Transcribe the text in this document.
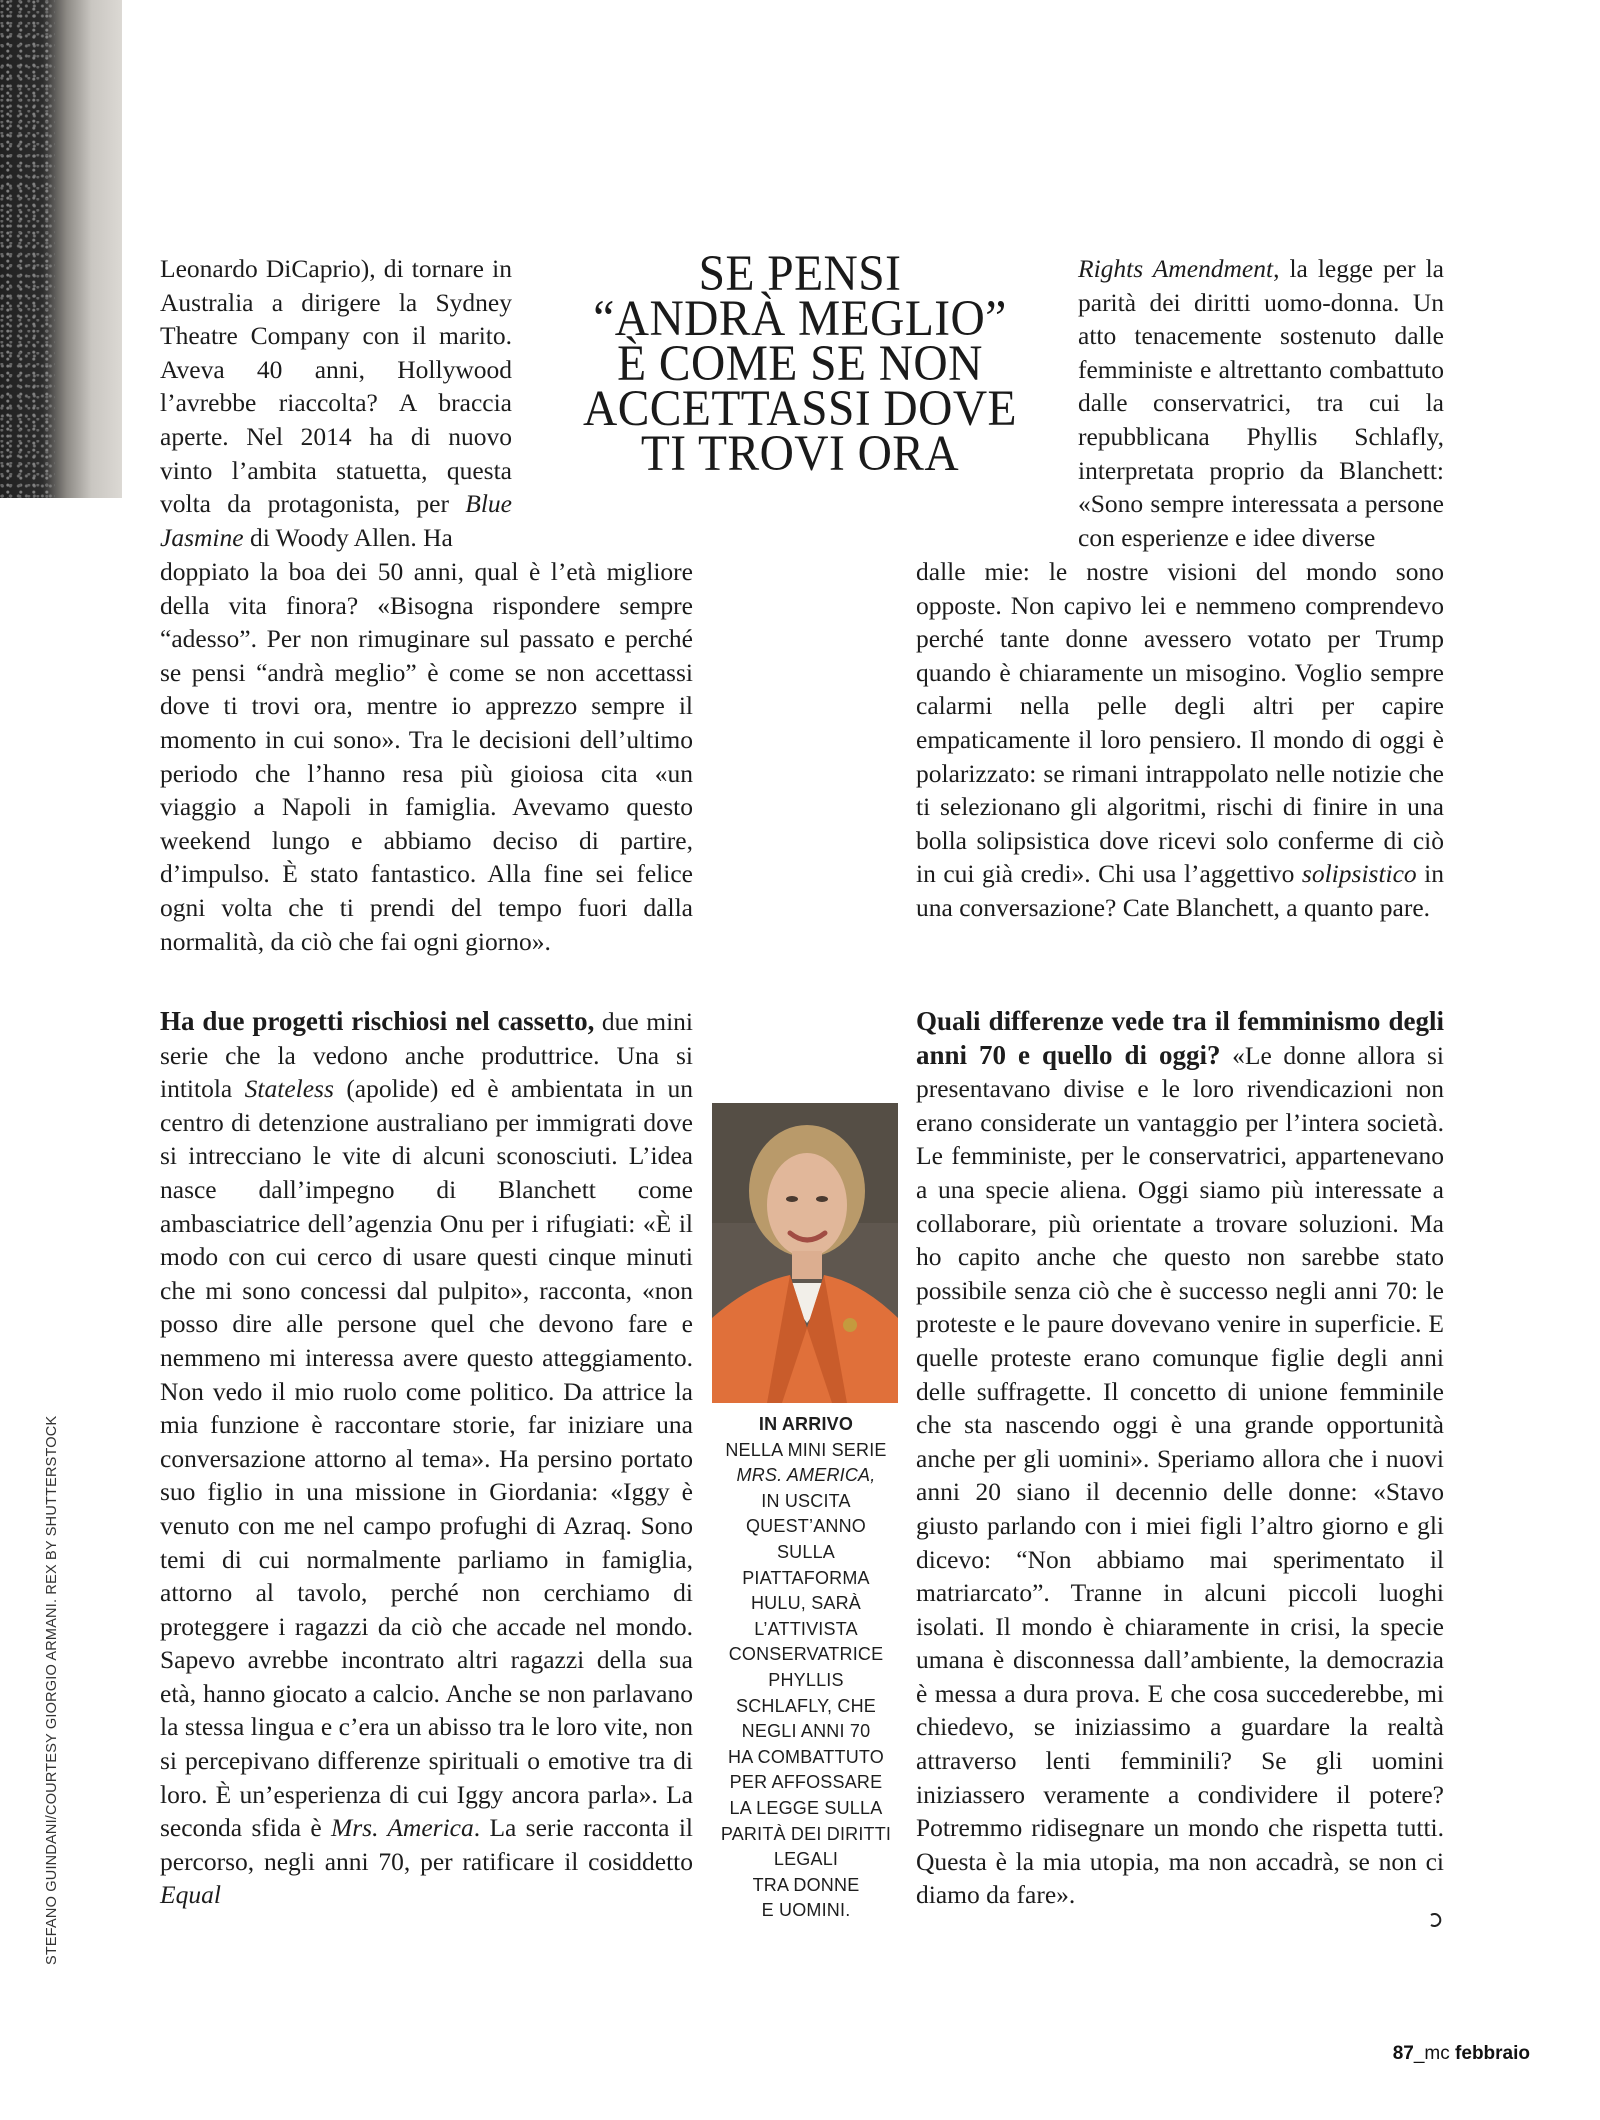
Leonardo DiCaprio), di tornare in Australia a dirigere la Sydney Theatre Company con il marito. Aveva 40 anni, Hollywood l’avrebbe riaccolta? A braccia aperte. Nel 2014 ha di nuovo vinto l’ambita statuetta, questa volta da protagonista, per Blue Jasmine di Woody Allen. Ha

doppiato la boa dei 50 anni, qual è l’età migliore della vita finora? «Bisogna rispondere sempre “adesso”. Per non rimuginare sul passato e perché se pensi “andrà meglio” è come se non accettassi dove ti trovi ora, mentre io apprezzo sempre il momento in cui sono». Tra le decisioni dell’ultimo periodo che l’hanno resa più gioiosa cita «un viaggio a Napoli in famiglia. Avevamo questo weekend lungo e abbiamo deciso di partire, d’impulso. È stato fantastico. Alla fine sei felice ogni volta che ti prendi del tempo fuori dalla normalità, da ciò che fai ogni giorno».

SE PENSI
“ANDRÀ MEGLIO”
È COME SE NON
ACCETTASSI DOVE
TI TROVI ORA

Rights Amendment, la legge per la parità dei diritti uomo-donna. Un atto tenacemente sostenuto dalle femministe e altrettanto combattuto dalle conservatrici, tra cui la repubblicana Phyllis Schlafly, interpretata proprio da Blanchett: «Sono sempre interessata a persone con esperienze e idee diverse

dalle mie: le nostre visioni del mondo sono opposte. Non capivo lei e nemmeno comprendevo perché tante donne avessero votato per Trump quando è chiaramente un misogino. Voglio sempre calarmi nella pelle degli altri per capire empaticamente il loro pensiero. Il mondo di oggi è polarizzato: se rimani intrappolato nelle notizie che ti selezionano gli algoritmi, rischi di finire in una bolla solipsistica dove ricevi solo conferme di ciò in cui già credi». Chi usa l’aggettivo solipsistico in una conversazione? Cate Blanchett, a quanto pare.

Ha due progetti rischiosi nel cassetto, due mini serie che la vedono anche produttrice. Una si intitola Stateless (apolide) ed è ambientata in un centro di detenzione australiano per immigrati dove si intrecciano le vite di alcuni sconosciuti. L’idea nasce dall’impegno di Blanchett come ambasciatrice dell’agenzia Onu per i rifugiati: «È il modo con cui cerco di usare questi cinque minuti che mi sono concessi dal pulpito», racconta, «non posso dire alle persone quel che devono fare e nemmeno mi interessa avere questo atteggiamento. Non vedo il mio ruolo come politico. Da attrice la mia funzione è raccontare storie, far iniziare una conversazione attorno al tema». Ha persino portato suo figlio in una missione in Giordania: «Iggy è venuto con me nel campo profughi di Azraq. Sono temi di cui normalmente parliamo in famiglia, attorno al tavolo, perché non cerchiamo di proteggere i ragazzi da ciò che accade nel mondo. Sapevo avrebbe incontrato altri ragazzi della sua età, hanno giocato a calcio. Anche se non parlavano la stessa lingua e c’era un abisso tra le loro vite, non si percepivano differenze spirituali o emotive tra di loro. È un’esperienza di cui Iggy ancora parla». La seconda sfida è Mrs. America. La serie racconta il percorso, negli anni 70, per ratificare il cosiddetto Equal

IN ARRIVO
NELLA MINI SERIE
MRS. AMERICA,
IN USCITA
QUEST’ANNO
SULLA
PIATTAFORMA
HULU, SARÀ
L’ATTIVISTA
CONSERVATRICE
PHYLLIS
SCHLAFLY, CHE
NEGLI ANNI 70
HA COMBATTUTO
PER AFFOSSARE
LA LEGGE SULLA
PARITÀ DEI DIRITTI
LEGALI
TRA DONNE
E UOMINI.

Quali differenze vede tra il femminismo degli anni 70 e quello di oggi? «Le donne allora si presentavano divise e le loro rivendicazioni non erano considerate un vantaggio per l’intera società. Le femministe, per le conservatrici, appartenevano a una specie aliena. Oggi siamo più interessate a collaborare, più orientate a trovare soluzioni. Ma ho capito anche che questo non sarebbe stato possibile senza ciò che è successo negli anni 70: le proteste e le paure dovevano venire in superficie. E quelle proteste erano comunque figlie degli anni delle suffragette. Il concetto di unione femminile che sta nascendo oggi è una grande opportunità anche per gli uomini». Speriamo allora che i nuovi anni 20 siano il decennio delle donne: «Stavo giusto parlando con i miei figli l’altro giorno e gli dicevo: “Non abbiamo mai sperimentato il matriarcato”. Tranne in alcuni piccoli luoghi isolati. Il mondo è chiaramente in crisi, la specie umana è disconnessa dall’ambiente, la democrazia è messa a dura prova. E che cosa succederebbe, mi chiedevo, se iniziassimo a guardare la realtà attraverso lenti femminili? Se gli uomini iniziassero veramente a condividere il potere? Potremmo ridisegnare un mondo che rispetta tutti. Questa è la mia utopia, ma non accadrà, se non ci diamo da fare».

STEFANO GUINDANI/COURTESY GIORGIO ARMANI. REX BY SHUTTERSTOCK
87_mc febbraio
